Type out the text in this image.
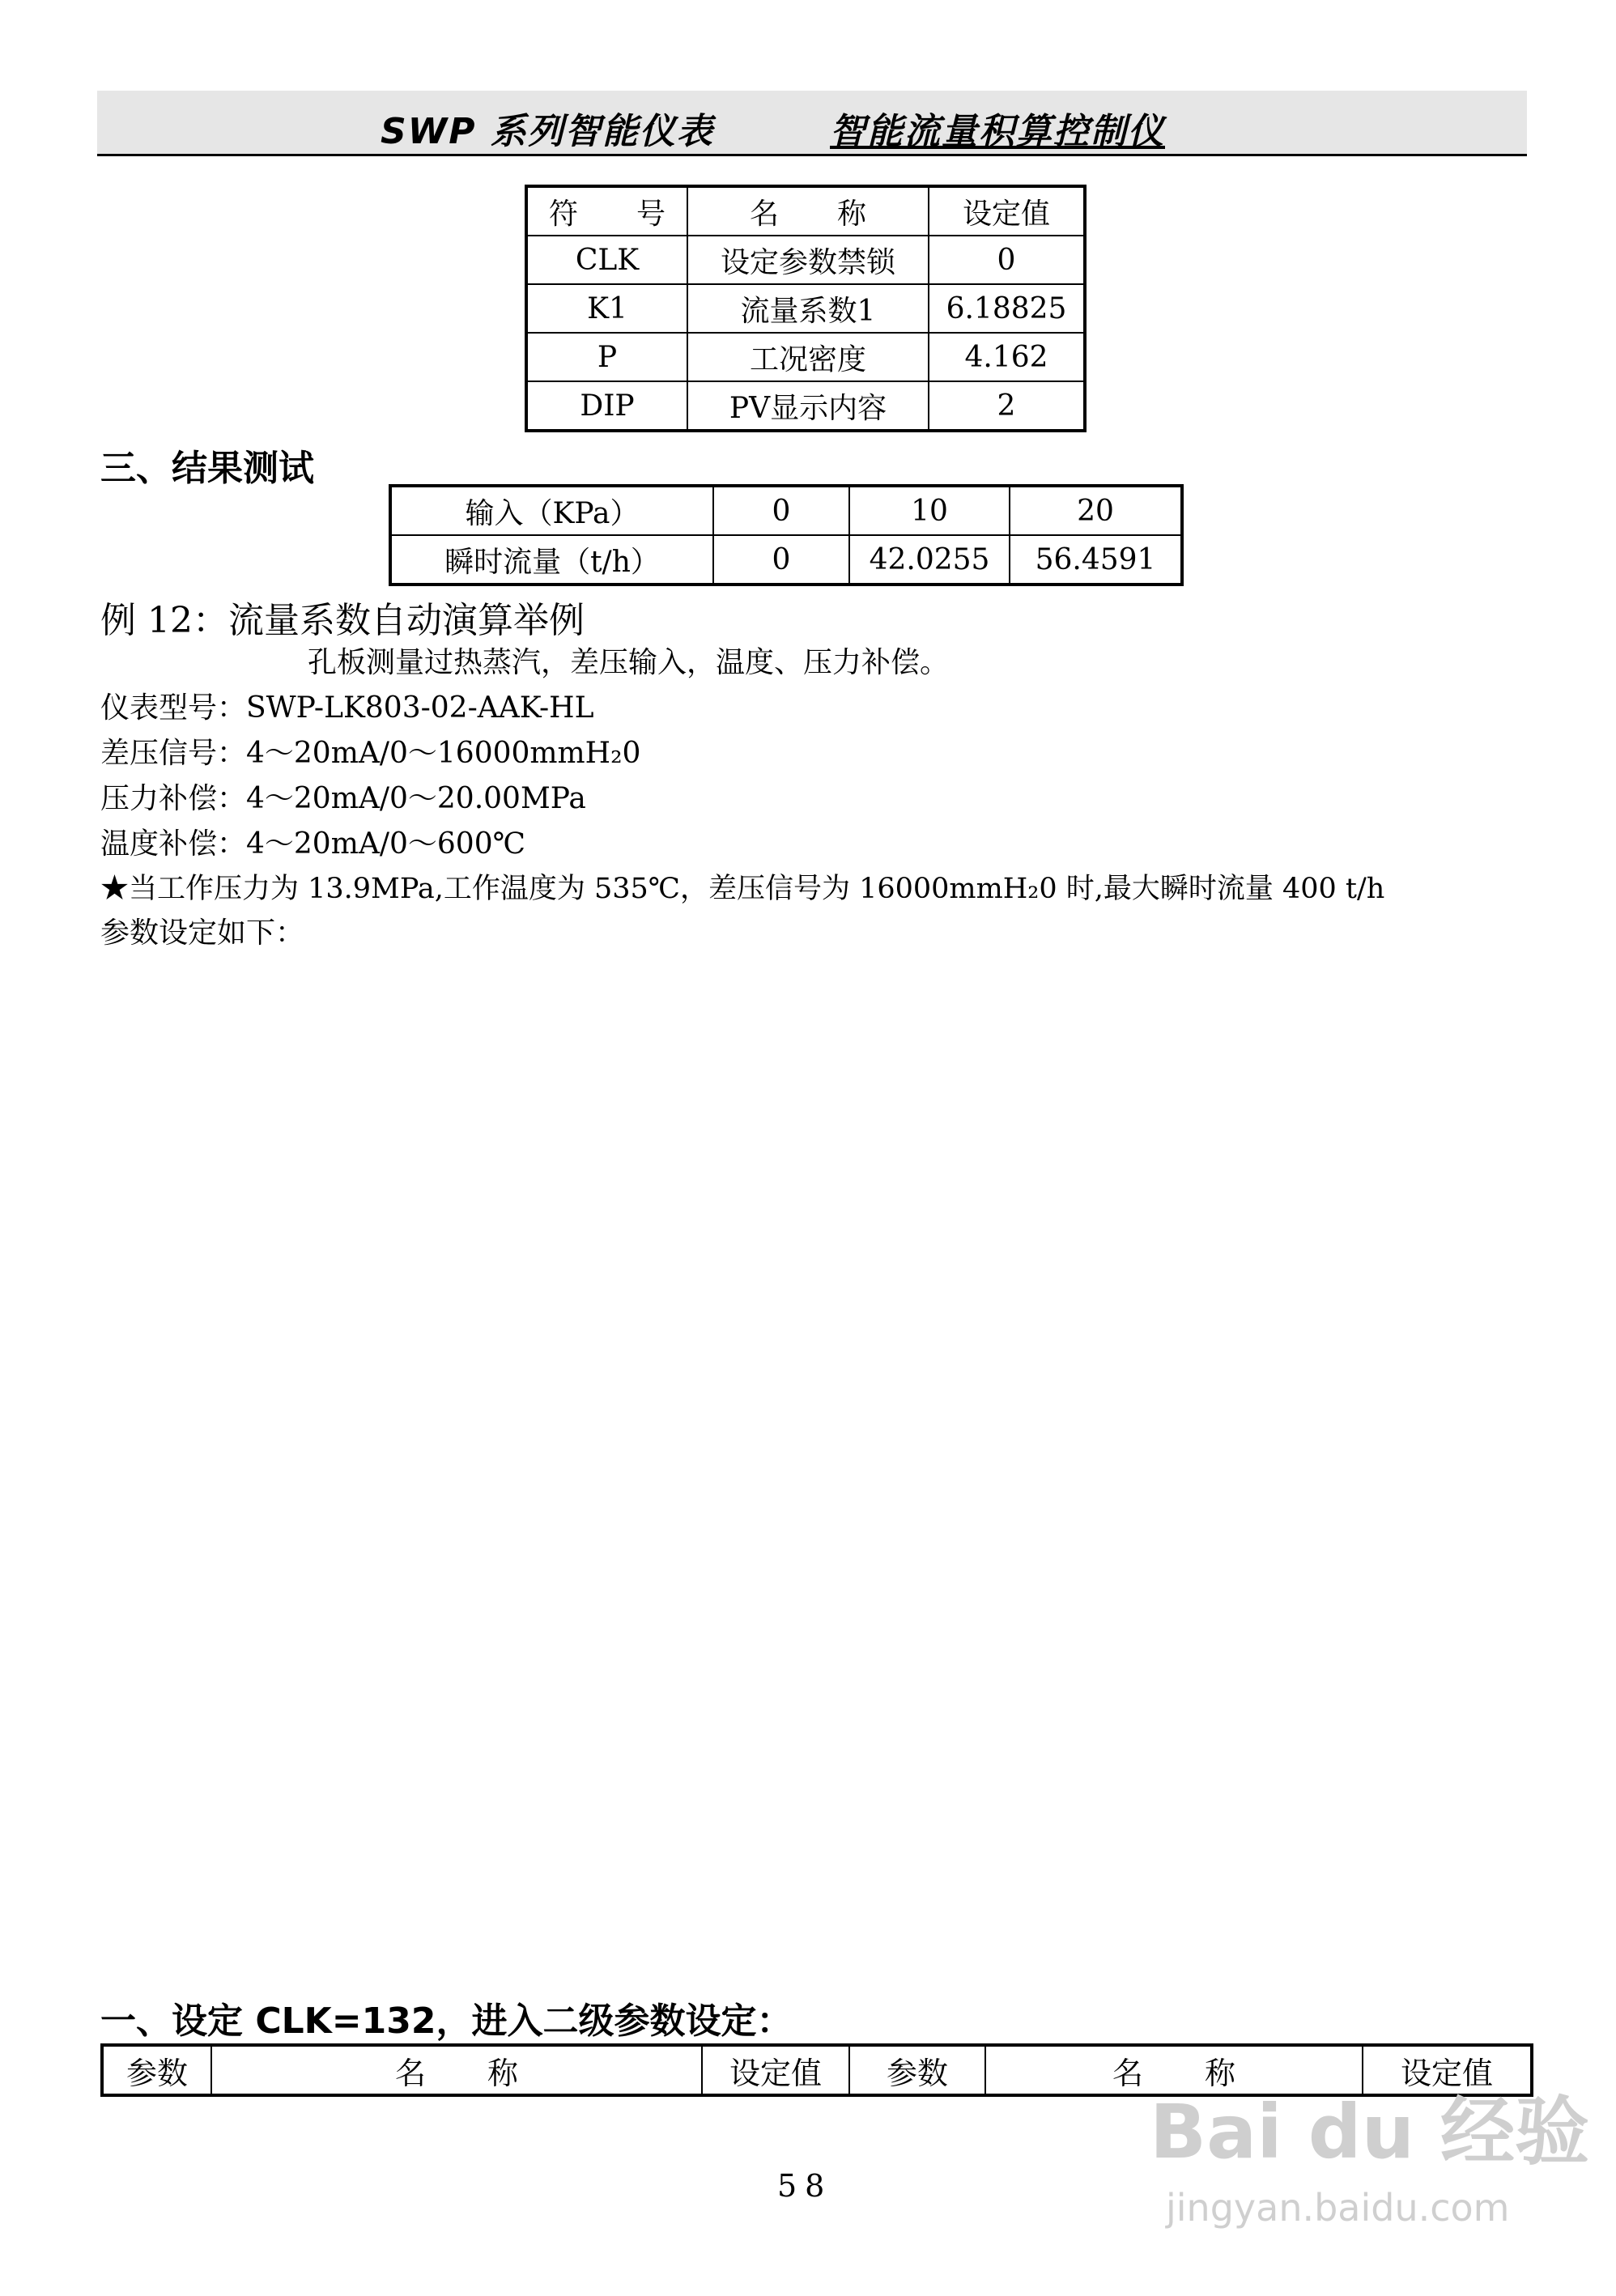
SWP 系列智能仪表	智能流量积算控制仪
符　　号	名　　称	设定值
CLK	设定参数禁锁	0
K1	流量系数1	6.18825
P	工况密度	4.162
DIP	PV显示内容	2
三、结果测试
输入（KPa）	0	10	20
瞬时流量（t/h）	0	42.0255	56.4591
例 12：流量系数自动演算举例
孔板测量过热蒸汽，差压输入，温度、压力补偿。
仪表型号：SWP-LK803-02-AAK-HL
差压信号：4～20mA/0～16000mmH₂0
压力补偿：4～20mA/0～20.00MPa
温度补偿：4～20mA/0～600℃
★当工作压力为 13.9MPa,工作温度为 535℃，差压信号为 16000mmH₂0 时,最大瞬时流量 400 t/h
参数设定如下：
一、设定 CLK=132，进入二级参数设定：
参数	名　　称	设定值	参数	名　　称	设定值
58
Bai du 经验
jingyan.baidu.com
